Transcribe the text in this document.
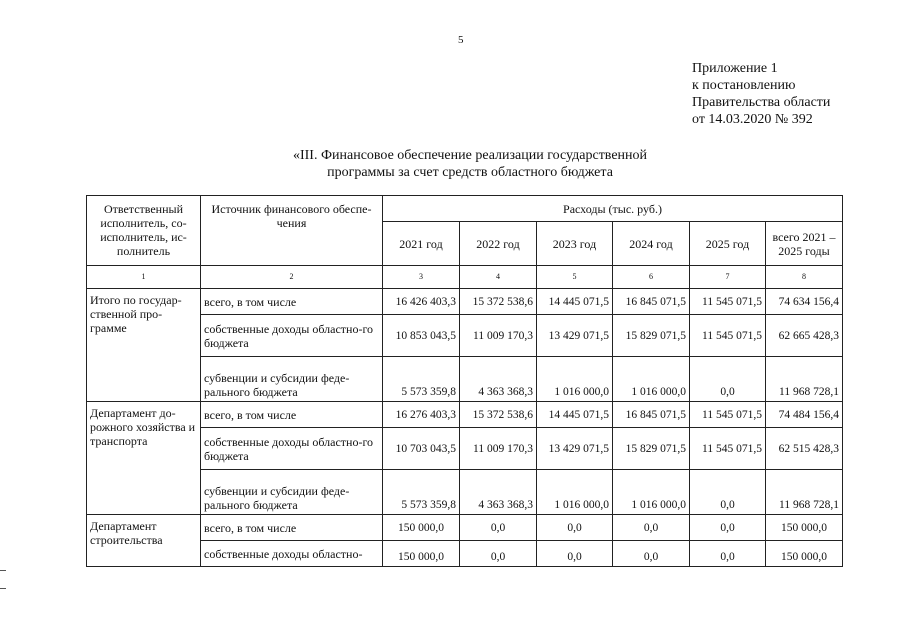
5
Приложение 1
к постановлению
Правительства области
от 14.03.2020 № 392
«III. Финансовое обеспечение реализации государственной
программы за счет средств областного бюджета
Ответственный исполнитель, со-исполнитель, ис-полнитель	Источник финансового обеспе-чения	Расходы (тыс. руб.)					
		2021 год	2022 год	2023 год	2024 год	2025 год	всего 2021 – 2025 годы
1	2	3	4	5	6	7	8
Итого по государ-ственной про-грамме	всего, в том числе	16 426 403,3	15 372 538,6	14 445 071,5	16 845 071,5	11 545 071,5	74 634 156,4
	собственные доходы областно-го бюджета	10 853 043,5	11 009 170,3	13 429 071,5	15 829 071,5	11 545 071,5	62 665 428,3
	субвенции и субсидии феде-рального бюджета	5 573 359,8	4 363 368,3	1 016 000,0	1 016 000,0	0,0	11 968 728,1
Департамент до-рожного хозяйства и транспорта	всего, в том числе	16 276 403,3	15 372 538,6	14 445 071,5	16 845 071,5	11 545 071,5	74 484 156,4
	собственные доходы областно-го бюджета	10 703 043,5	11 009 170,3	13 429 071,5	15 829 071,5	11 545 071,5	62 515 428,3
	субвенции и субсидии феде-рального бюджета	5 573 359,8	4 363 368,3	1 016 000,0	1 016 000,0	0,0	11 968 728,1
Департамент строительства	всего, в том числе	150 000,0	0,0	0,0	0,0	0,0	150 000,0
	собственные доходы областно-	150 000,0	0,0	0,0	0,0	0,0	150 000,0
